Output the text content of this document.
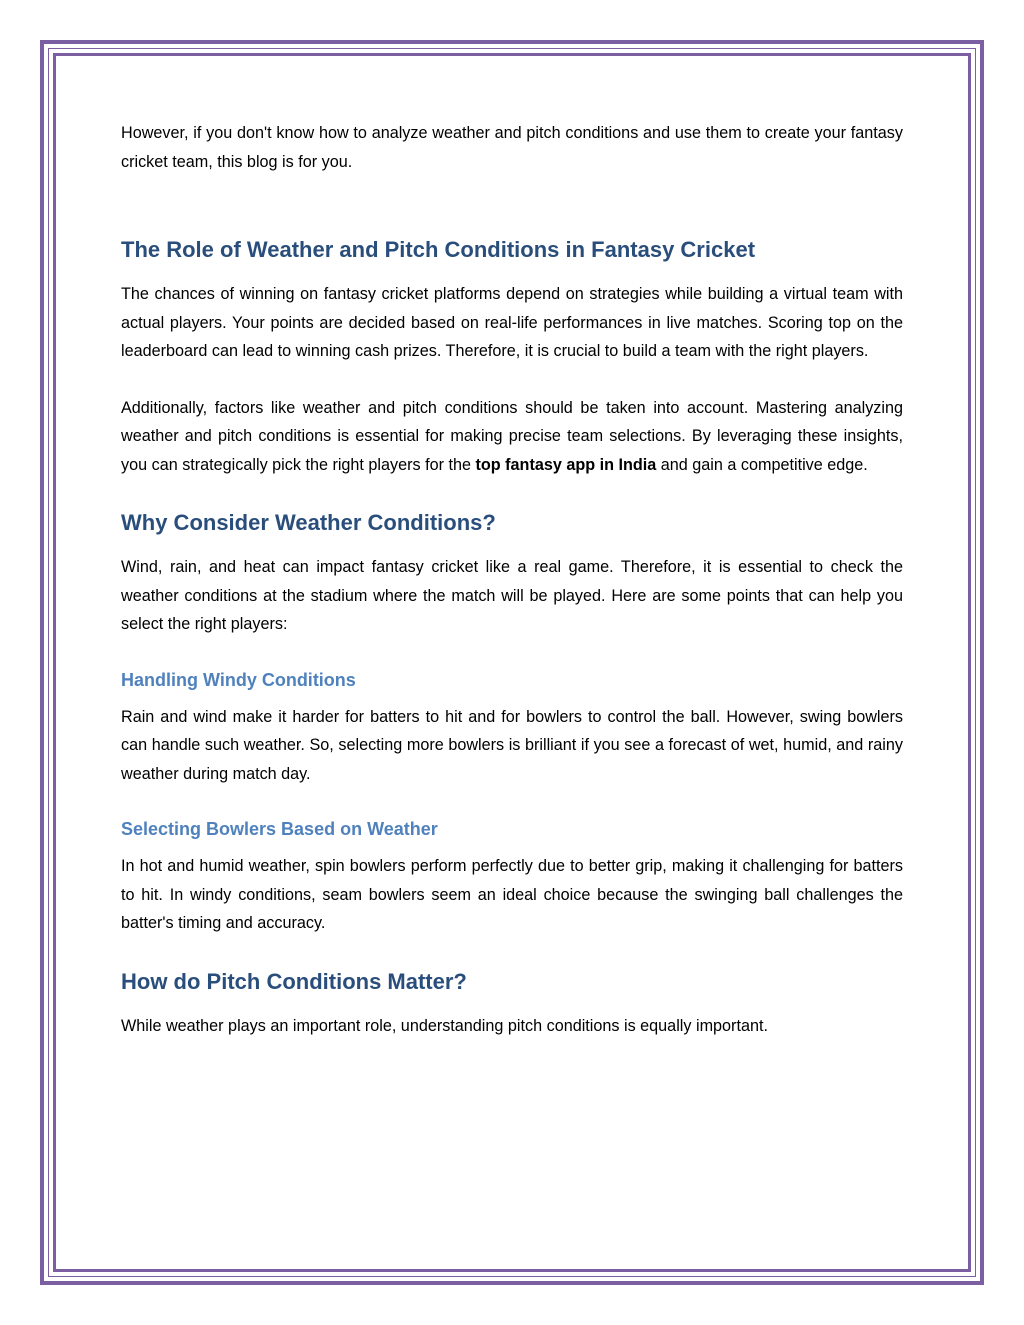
However, if you don't know how to analyze weather and pitch conditions and use them to create your fantasy cricket team, this blog is for you.

The Role of Weather and Pitch Conditions in Fantasy Cricket

The chances of winning on fantasy cricket platforms depend on strategies while building a virtual team with actual players. Your points are decided based on real-life performances in live matches. Scoring top on the leaderboard can lead to winning cash prizes. Therefore, it is crucial to build a team with the right players.

Additionally, factors like weather and pitch conditions should be taken into account. Mastering analyzing weather and pitch conditions is essential for making precise team selections. By leveraging these insights, you can strategically pick the right players for the top fantasy app in India and gain a competitive edge.

Why Consider Weather Conditions?

Wind, rain, and heat can impact fantasy cricket like a real game. Therefore, it is essential to check the weather conditions at the stadium where the match will be played. Here are some points that can help you select the right players:

Handling Windy Conditions

Rain and wind make it harder for batters to hit and for bowlers to control the ball. However, swing bowlers can handle such weather. So, selecting more bowlers is brilliant if you see a forecast of wet, humid, and rainy weather during match day.

Selecting Bowlers Based on Weather

In hot and humid weather, spin bowlers perform perfectly due to better grip, making it challenging for batters to hit. In windy conditions, seam bowlers seem an ideal choice because the swinging ball challenges the batter's timing and accuracy.

How do Pitch Conditions Matter?

While weather plays an important role, understanding pitch conditions is equally important.
